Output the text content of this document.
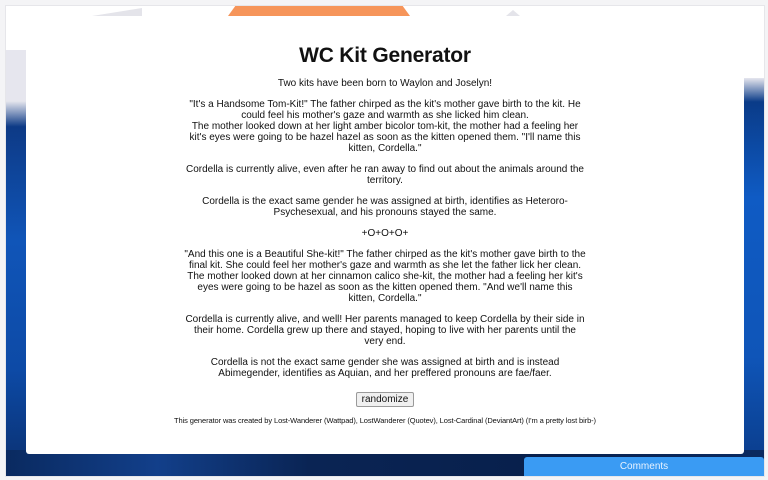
WC Kit Generator

Two kits have been born to Waylon and Joselyn!

"It's a Handsome Tom-Kit!" The father chirped as the kit's mother gave birth to the kit. He could feel his mother's gaze and warmth as she licked him clean.
The mother looked down at her light amber bicolor tom-kit, the mother had a feeling her kit's eyes were going to be hazel hazel as soon as the kitten opened them. "I'll name this kitten, Cordella."

Cordella is currently alive, even after he ran away to find out about the animals around the territory.

Cordella is the exact same gender he was assigned at birth, identifies as Heteroro-Psychesexual, and his pronouns stayed the same.

+O+O+O+

"And this one is a Beautiful She-kit!" The father chirped as the kit's mother gave birth to the final kit. She could feel her mother's gaze and warmth as she let the father lick her clean.
The mother looked down at her cinnamon calico she-kit, the mother had a feeling her kit's eyes were going to be hazel as soon as the kitten opened them. "And we'll name this kitten, Cordella."

Cordella is currently alive, and well! Her parents managed to keep Cordella by their side in their home. Cordella grew up there and stayed, hoping to live with her parents until the very end.

Cordella is not the exact same gender she was assigned at birth and is instead Abimegender, identifies as Aquian, and her preffered pronouns are fae/faer.

randomize
This generator was created by Lost-Wanderer (Wattpad), LostWanderer (Quotev), Lost-Cardinal (DeviantArt) (I'm a pretty lost birb-)
Comments
